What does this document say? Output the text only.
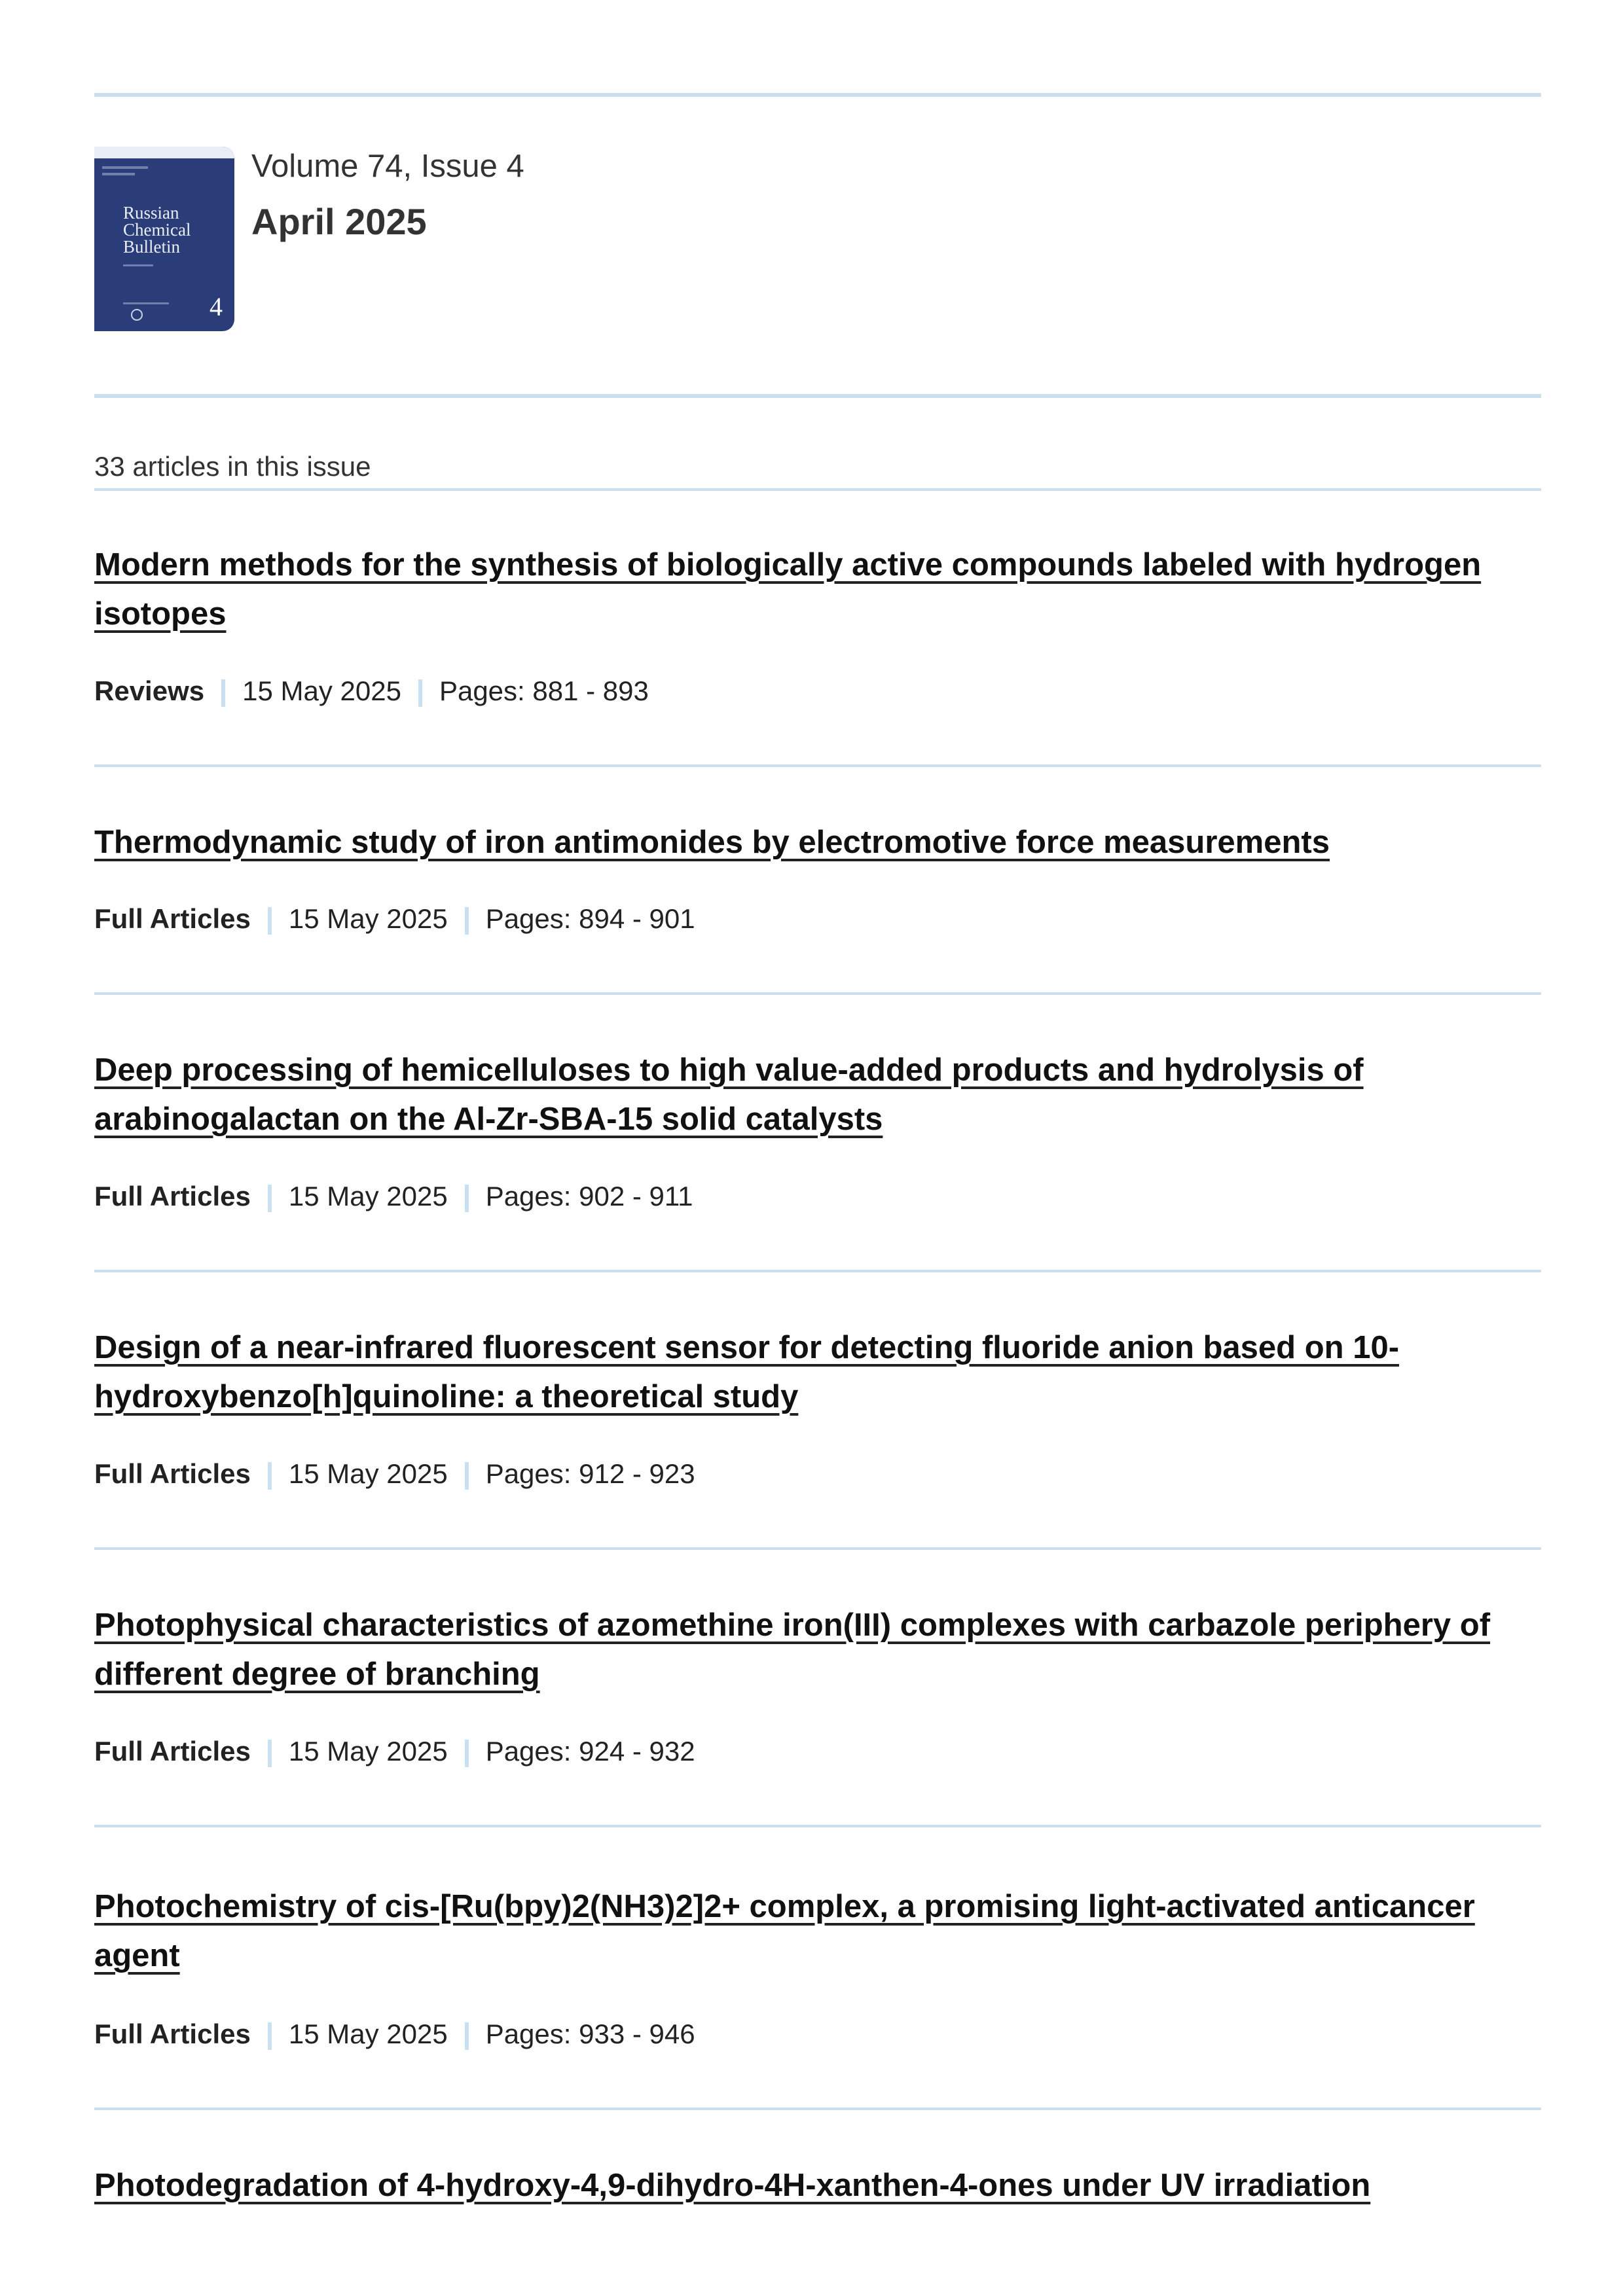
Russian
Chemical
Bulletin
4
Volume 74, Issue 4
April 2025
33 articles in this issue
Modern methods for the synthesis of biologically active compounds labeled with hydrogen
isotopes
Reviews 15 May 2025 Pages: 881 - 893
Thermodynamic study of iron antimonides by electromotive force measurements
Full Articles 15 May 2025 Pages: 894 - 901
Deep processing of hemicelluloses to high value-added products and hydrolysis of
arabinogalactan on the Al-Zr-SBA-15 solid catalysts
Full Articles 15 May 2025 Pages: 902 - 911
Design of a near-infrared fluorescent sensor for detecting fluoride anion based on 10-
hydroxybenzo[h]quinoline: a theoretical study
Full Articles 15 May 2025 Pages: 912 - 923
Photophysical characteristics of azomethine iron(III) complexes with carbazole periphery of
different degree of branching
Full Articles 15 May 2025 Pages: 924 - 932
Photochemistry of cis-[Ru(bpy)2(NH3)2]2+ complex, a promising light-activated anticancer
agent
Full Articles 15 May 2025 Pages: 933 - 946
Photodegradation of 4-hydroxy-4,9-dihydro-4H-xanthen-4-ones under UV irradiation
